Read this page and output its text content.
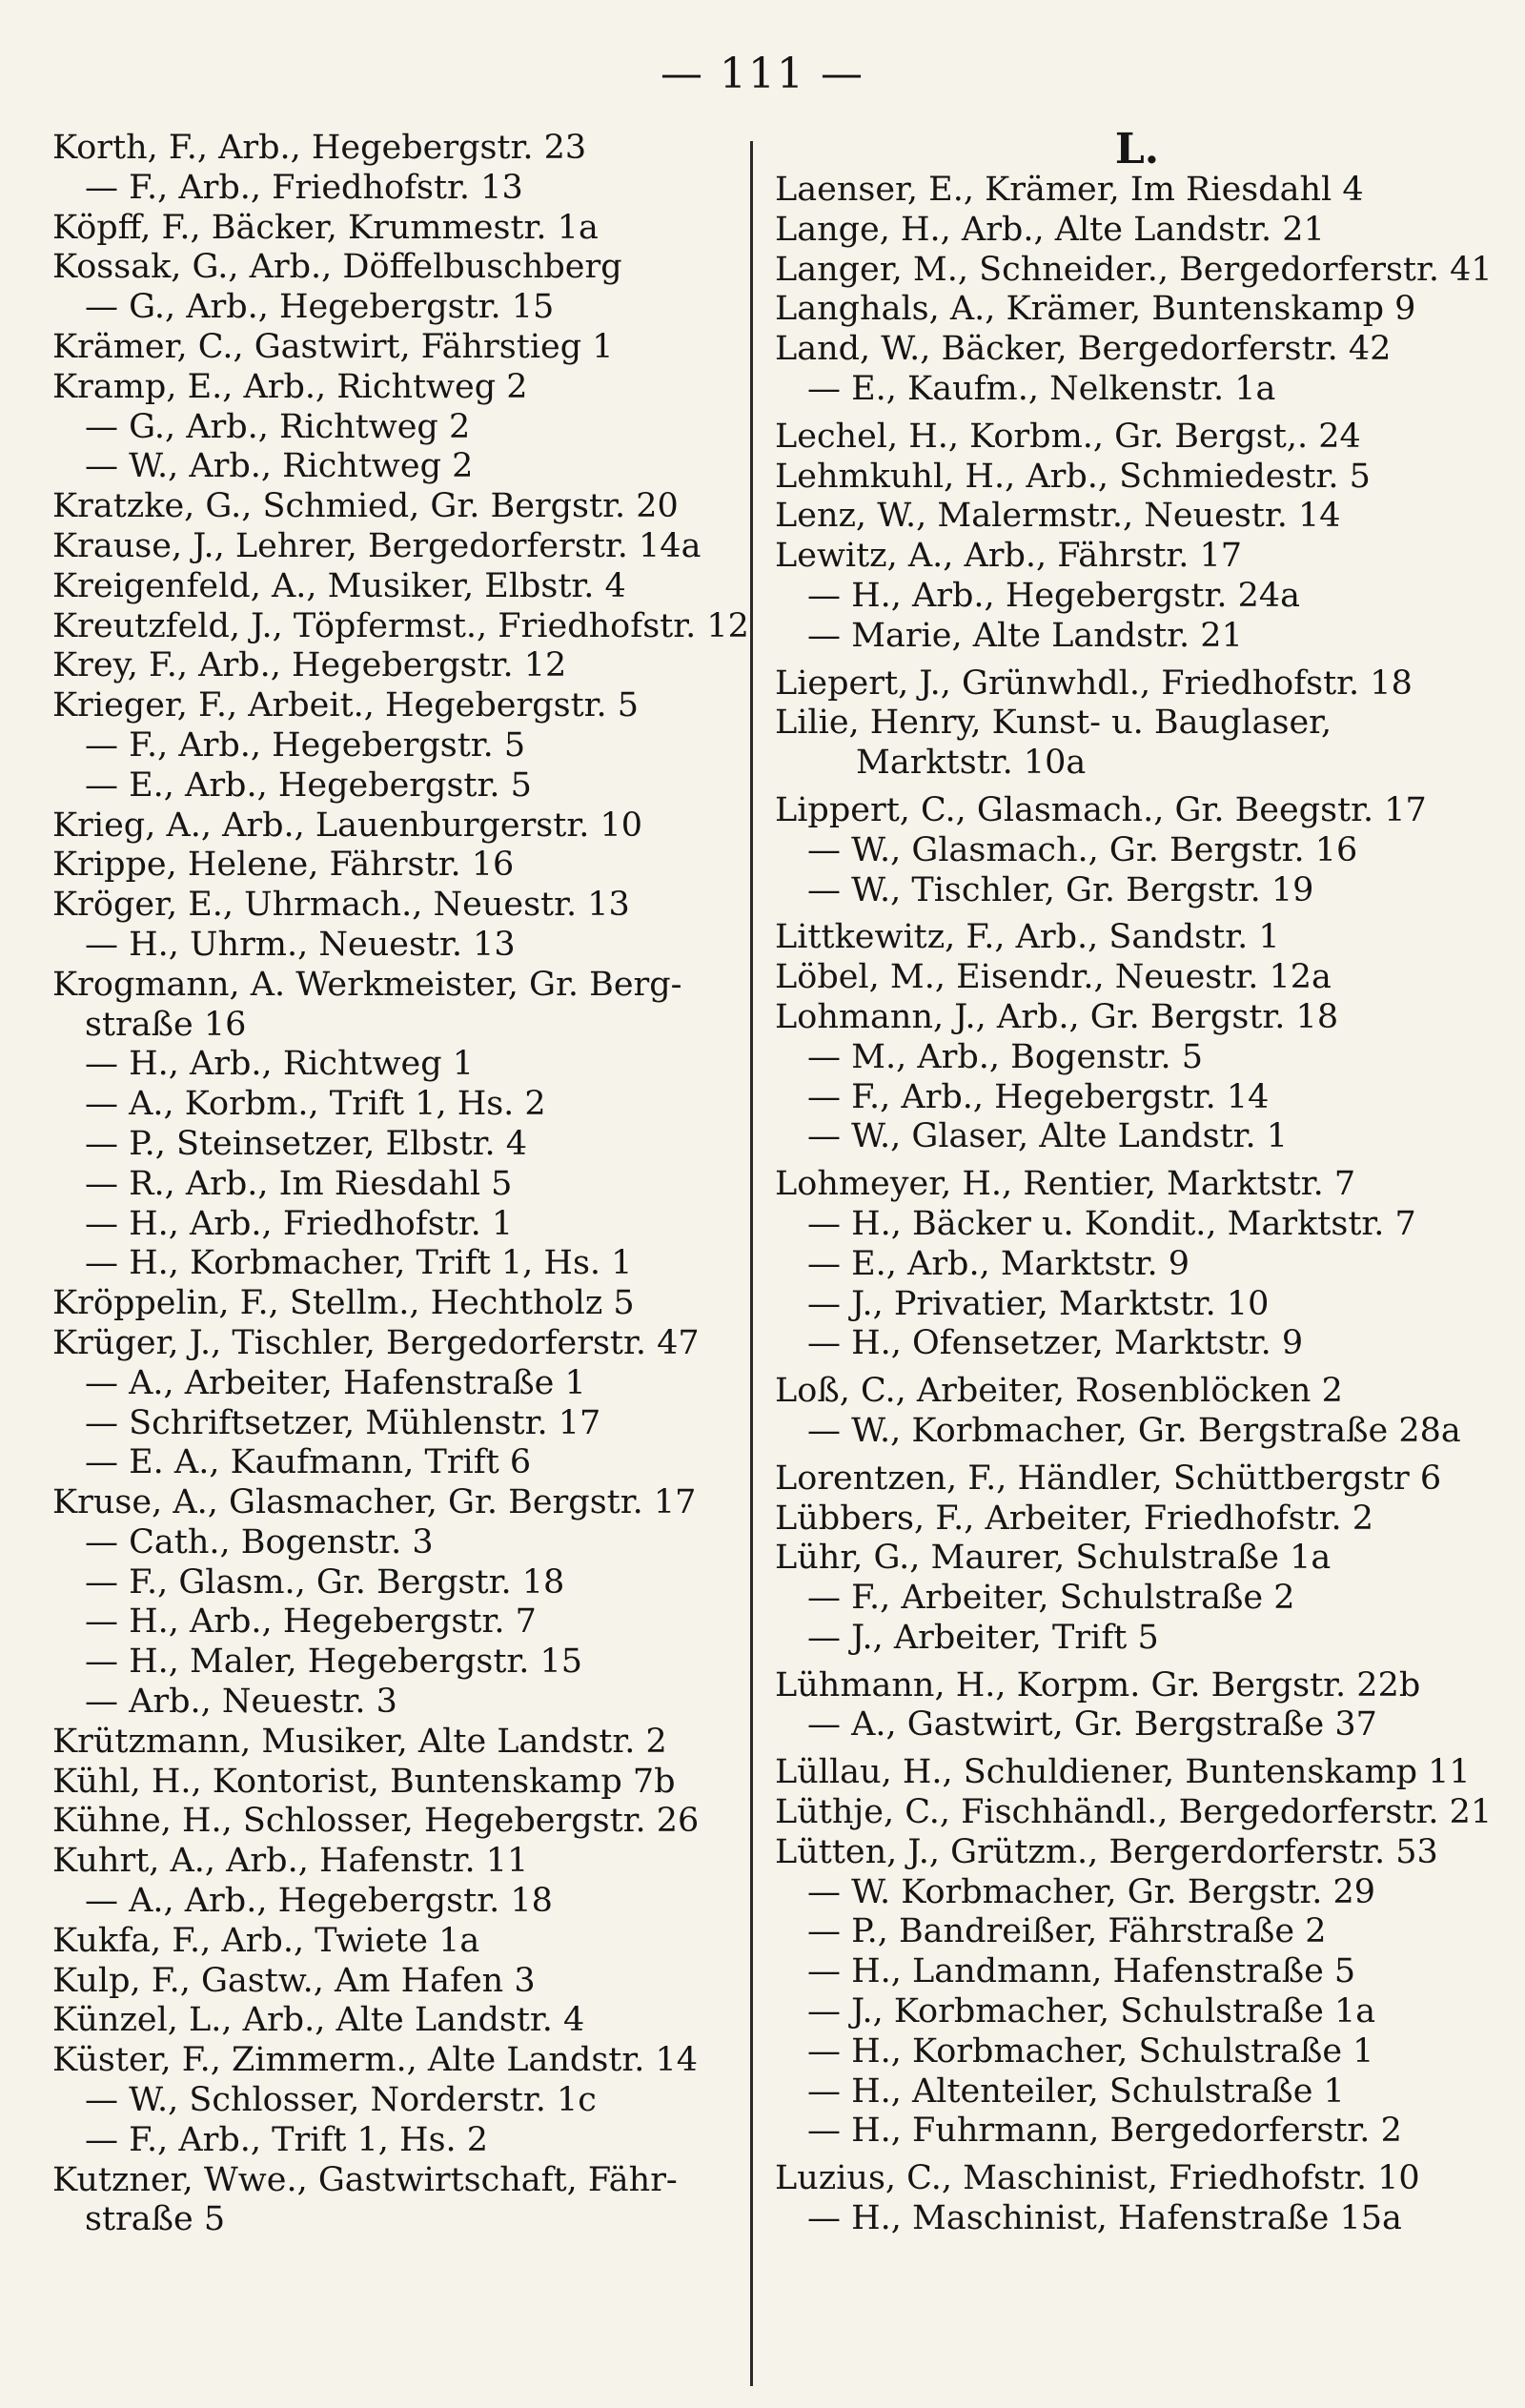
— 111 —
Korth, F., Arb., Hegebergstr. 23
— F., Arb., Friedhofstr. 13
Köpff, F., Bäcker, Krummestr. 1a
Kossak, G., Arb., Döffelbuschberg
— G., Arb., Hegebergstr. 15
Krämer, C., Gastwirt, Fährstieg 1
Kramp, E., Arb., Richtweg 2
— G., Arb., Richtweg 2
— W., Arb., Richtweg 2
Kratzke, G., Schmied, Gr. Bergstr. 20
Krause, J., Lehrer, Bergedorferstr. 14a
Kreigenfeld, A., Musiker, Elbstr. 4
Kreutzfeld, J., Töpfermst., Friedhofstr. 12
Krey, F., Arb., Hegebergstr. 12
Krieger, F., Arbeit., Hegebergstr. 5
— F., Arb., Hegebergstr. 5
— E., Arb., Hegebergstr. 5
Krieg, A., Arb., Lauenburgerstr. 10
Krippe, Helene, Fährstr. 16
Kröger, E., Uhrmach., Neuestr. 13
— H., Uhrm., Neuestr. 13
Krogmann, A. Werkmeister, Gr. Berg-
straße 16
— H., Arb., Richtweg 1
— A., Korbm., Trift 1, Hs. 2
— P., Steinsetzer, Elbstr. 4
— R., Arb., Im Riesdahl 5
— H., Arb., Friedhofstr. 1
— H., Korbmacher, Trift 1, Hs. 1
Kröppelin, F., Stellm., Hechtholz 5
Krüger, J., Tischler, Bergedorferstr. 47
— A., Arbeiter, Hafenstraße 1
— Schriftsetzer, Mühlenstr. 17
— E. A., Kaufmann, Trift 6
Kruse, A., Glasmacher, Gr. Bergstr. 17
— Cath., Bogenstr. 3
— F., Glasm., Gr. Bergstr. 18
— H., Arb., Hegebergstr. 7
— H., Maler, Hegebergstr. 15
— Arb., Neuestr. 3
Krützmann, Musiker, Alte Landstr. 2
Kühl, H., Kontorist, Buntenskamp 7b
Kühne, H., Schlosser, Hegebergstr. 26
Kuhrt, A., Arb., Hafenstr. 11
— A., Arb., Hegebergstr. 18
Kukfa, F., Arb., Twiete 1a
Kulp, F., Gastw., Am Hafen 3
Künzel, L., Arb., Alte Landstr. 4
Küster, F., Zimmerm., Alte Landstr. 14
— W., Schlosser, Norderstr. 1c
— F., Arb., Trift 1, Hs. 2
Kutzner, Wwe., Gastwirtschaft, Fähr-
straße 5
L.
Laenser, E., Krämer, Im Riesdahl 4
Lange, H., Arb., Alte Landstr. 21
Langer, M., Schneider., Bergedorferstr. 41
Langhals, A., Krämer, Buntenskamp 9
Land, W., Bäcker, Bergedorferstr. 42
— E., Kaufm., Nelkenstr. 1a
Lechel, H., Korbm., Gr. Bergst,. 24
Lehmkuhl, H., Arb., Schmiedestr. 5
Lenz, W., Malermstr., Neuestr. 14
Lewitz, A., Arb., Fährstr. 17
— H., Arb., Hegebergstr. 24a
— Marie, Alte Landstr. 21
Liepert, J., Grünwhdl., Friedhofstr. 18
Lilie, Henry, Kunst- u. Bauglaser,
Marktstr. 10a
Lippert, C., Glasmach., Gr. Beegstr. 17
— W., Glasmach., Gr. Bergstr. 16
— W., Tischler, Gr. Bergstr. 19
Littkewitz, F., Arb., Sandstr. 1
Löbel, M., Eisendr., Neuestr. 12a
Lohmann, J., Arb., Gr. Bergstr. 18
— M., Arb., Bogenstr. 5
— F., Arb., Hegebergstr. 14
— W., Glaser, Alte Landstr. 1
Lohmeyer, H., Rentier, Marktstr. 7
— H., Bäcker u. Kondit., Marktstr. 7
— E., Arb., Marktstr. 9
— J., Privatier, Marktstr. 10
— H., Ofensetzer, Marktstr. 9
Loß, C., Arbeiter, Rosenblöcken 2
— W., Korbmacher, Gr. Bergstraße 28a
Lorentzen, F., Händler, Schüttbergstr 6
Lübbers, F., Arbeiter, Friedhofstr. 2
Lühr, G., Maurer, Schulstraße 1a
— F., Arbeiter, Schulstraße 2
— J., Arbeiter, Trift 5
Lühmann, H., Korpm. Gr. Bergstr. 22b
— A., Gastwirt, Gr. Bergstraße 37
Lüllau, H., Schuldiener, Buntenskamp 11
Lüthje, C., Fischhändl., Bergedorferstr. 21
Lütten, J., Grützm., Bergerdorferstr. 53
— W. Korbmacher, Gr. Bergstr. 29
— P., Bandreißer, Fährstraße 2
— H., Landmann, Hafenstraße 5
— J., Korbmacher, Schulstraße 1a
— H., Korbmacher, Schulstraße 1
— H., Altenteiler, Schulstraße 1
— H., Fuhrmann, Bergedorferstr. 2
Luzius, C., Maschinist, Friedhofstr. 10
— H., Maschinist, Hafenstraße 15a
